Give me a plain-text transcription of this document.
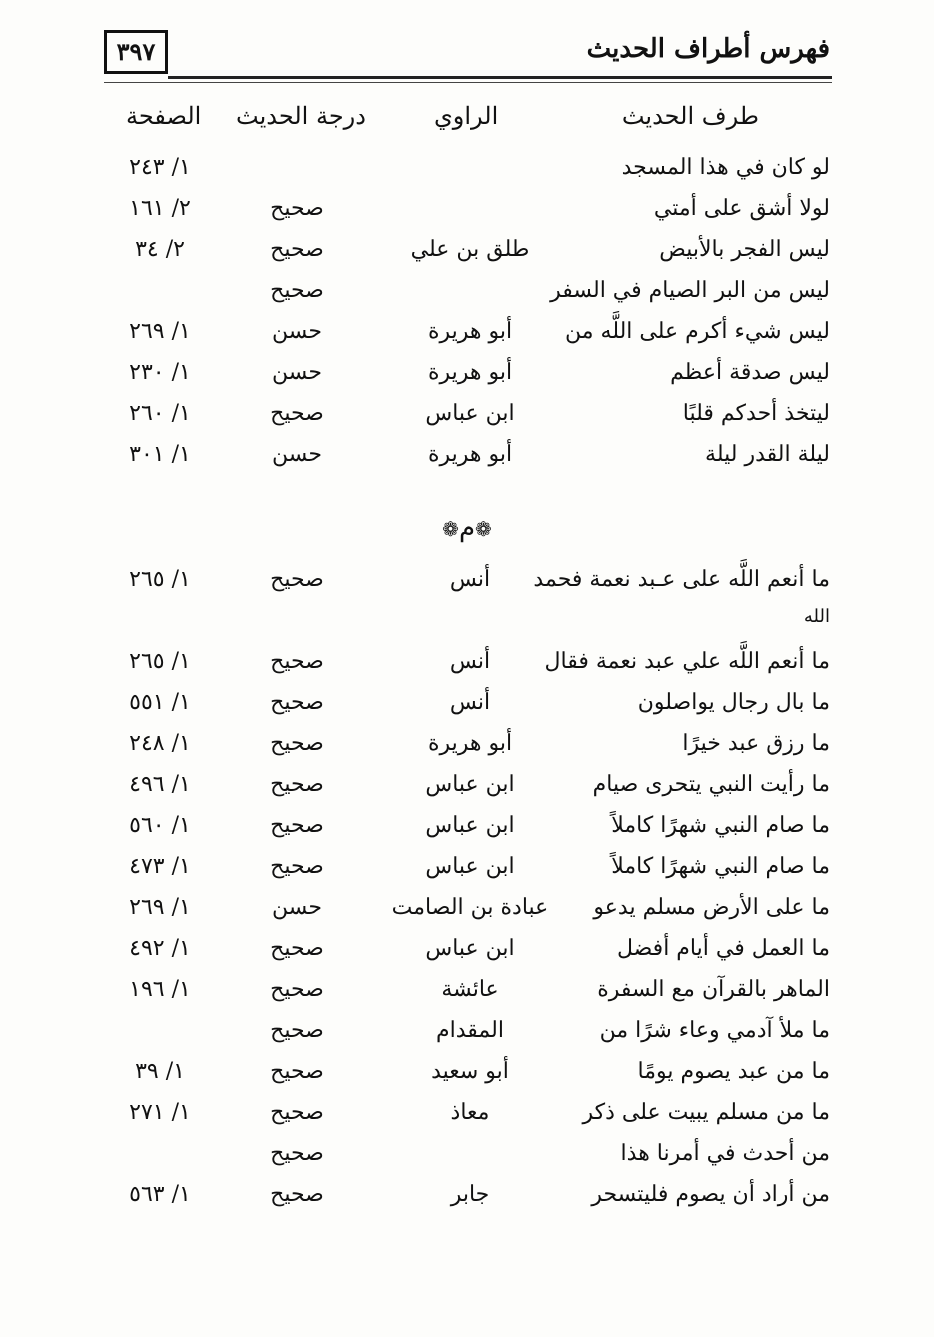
فهرس أطراف الحديث
٣٩٧
طرف الحديث
الراوي
درجة الحديث
الصفحة
لو كان في هذا المسجد
١/ ٢٤٣
لولا أشق على أمتي
صحيح
٢/ ١٦١
ليس الفجر بالأبيض
طلق بن علي
صحيح
٢/ ٣٤
ليس من البر الصيام في السفر
صحيح
ليس شيء أكرم على اللَّه من
أبو هريرة
حسن
١/ ٢٦٩
ليس صدقة أعظم
أبو هريرة
حسن
١/ ٢٣٠
ليتخذ أحدكم قلبًا
ابن عباس
صحيح
١/ ٢٦٠
ليلة القدر ليلة
أبو هريرة
حسن
١/ ٣٠١
❁م❁
ما أنعم اللَّه على عـبد نعمة فحمد
أنس
صحيح
١/ ٢٦٥
الله
ما أنعم اللَّه علي عبد نعمة فقال
أنس
صحيح
١/ ٢٦٥
ما بال رجال يواصلون
أنس
صحيح
١/ ٥٥١
ما رزق عبد خيرًا
أبو هريرة
صحيح
١/ ٢٤٨
ما رأيت النبي يتحرى صيام
ابن عباس
صحيح
١/ ٤٩٦
ما صام النبي شهرًا كاملاً
ابن عباس
صحيح
١/ ٥٦٠
ما صام النبي شهرًا كاملاً
ابن عباس
صحيح
١/ ٤٧٣
ما على الأرض مسلم يدعو
عبادة بن الصامت
حسن
١/ ٢٦٩
ما العمل في أيام أفضل
ابن عباس
صحيح
١/ ٤٩٢
الماهر بالقرآن مع السفرة
عائشة
صحيح
١/ ١٩٦
ما ملأ آدمي وعاء شرًا من
المقدام
صحيح
ما من عبد يصوم يومًا
أبو سعيد
صحيح
١/ ٣٩
ما من مسلم يبيت على ذكر
معاذ
صحيح
١/ ٢٧١
من أحدث في أمرنا هذا
صحيح
من أراد أن يصوم فليتسحر
جابر
صحيح
١/ ٥٦٣
